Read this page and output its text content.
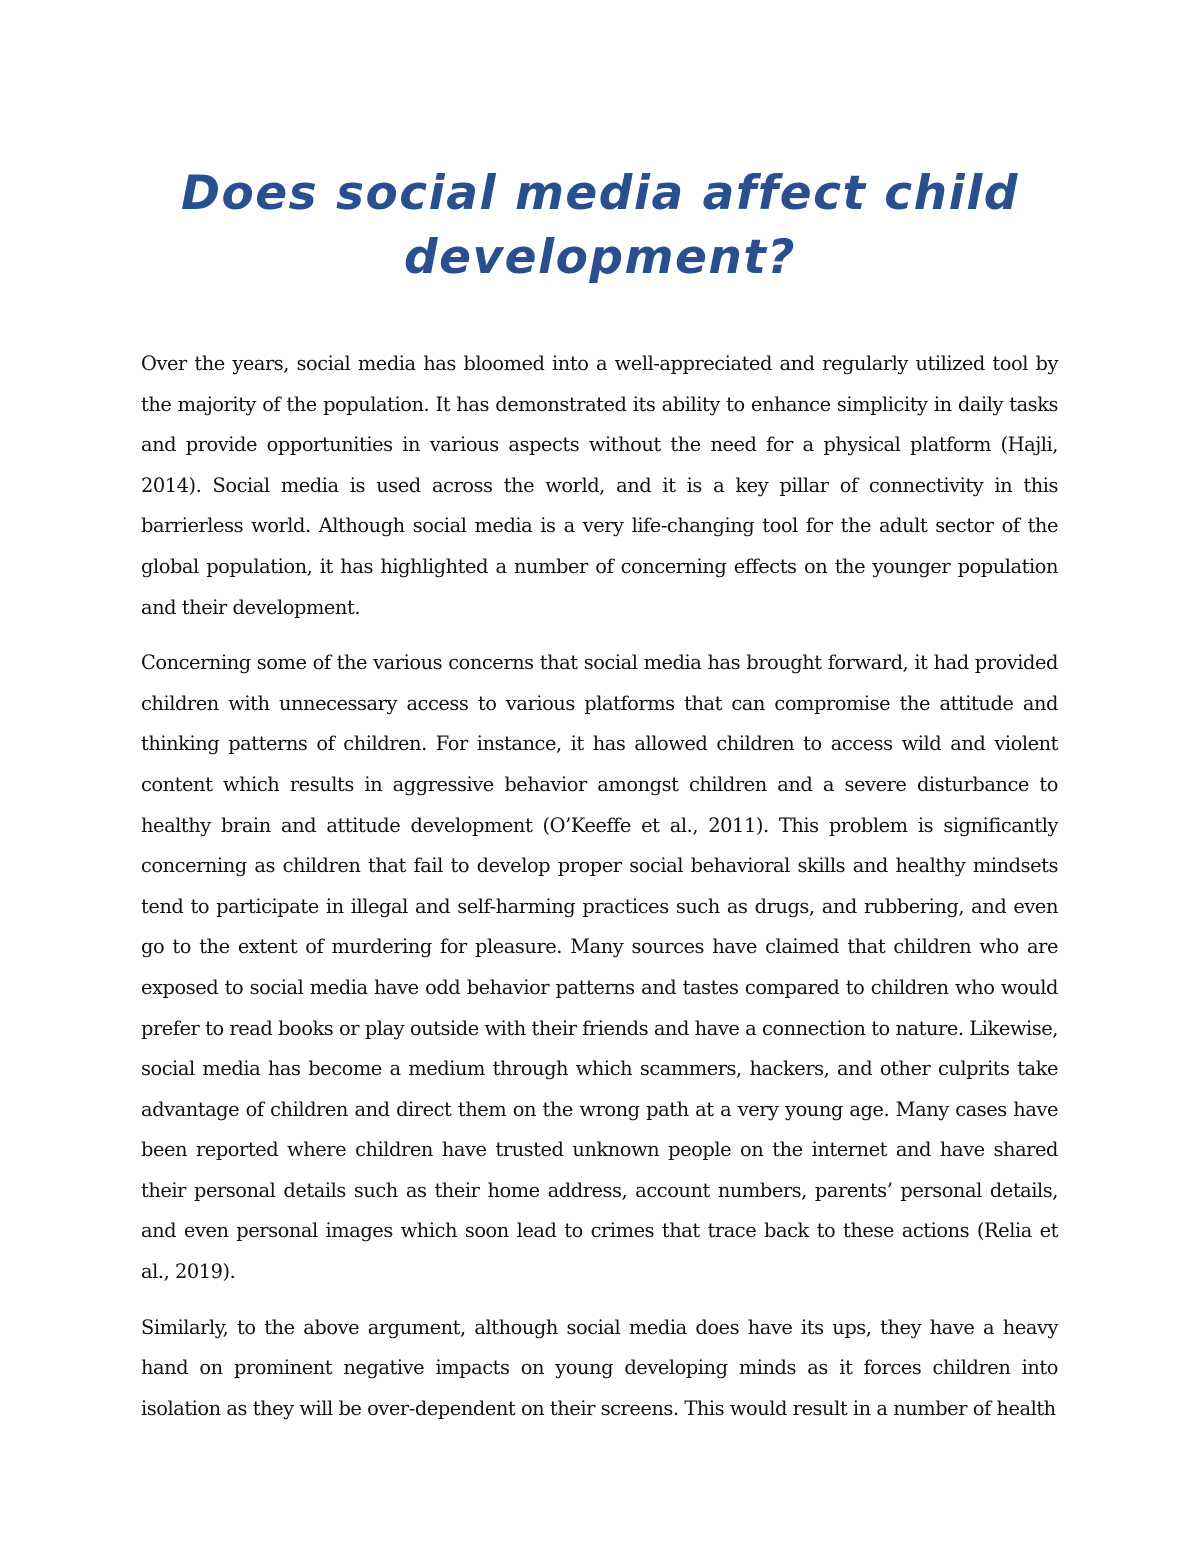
Does social media affect child
development?

Over the years, social media has bloomed into a well-appreciated and regularly utilized tool by the majority of the population. It has demonstrated its ability to enhance simplicity in daily tasks and provide opportunities in various aspects without the need for a physical platform (Hajli, 2014). Social media is used across the world, and it is a key pillar of connectivity in this barrierless world. Although social media is a very life-changing tool for the adult sector of the global population, it has highlighted a number of concerning effects on the younger population and their development.

Concerning some of the various concerns that social media has brought forward, it had provided children with unnecessary access to various platforms that can compromise the attitude and thinking patterns of children. For instance, it has allowed children to access wild and violent content which results in aggressive behavior amongst children and a severe disturbance to healthy brain and attitude development (O’Keeffe et al., 2011). This problem is significantly concerning as children that fail to develop proper social behavioral skills and healthy mindsets tend to participate in illegal and self-harming practices such as drugs, and rubbering, and even go to the extent of murdering for pleasure. Many sources have claimed that children who are exposed to social media have odd behavior patterns and tastes compared to children who would prefer to read books or play outside with their friends and have a connection to nature. Likewise, social media has become a medium through which scammers, hackers, and other culprits take advantage of children and direct them on the wrong path at a very young age. Many cases have been reported where children have trusted unknown people on the internet and have shared their personal details such as their home address, account numbers, parents’ personal details, and even personal images which soon lead to crimes that trace back to these actions (Relia et al., 2019).

Similarly, to the above argument, although social media does have its ups, they have a heavy hand on prominent negative impacts on young developing minds as it forces children into isolation as they will be over-dependent on their screens. This would result in a number of health
